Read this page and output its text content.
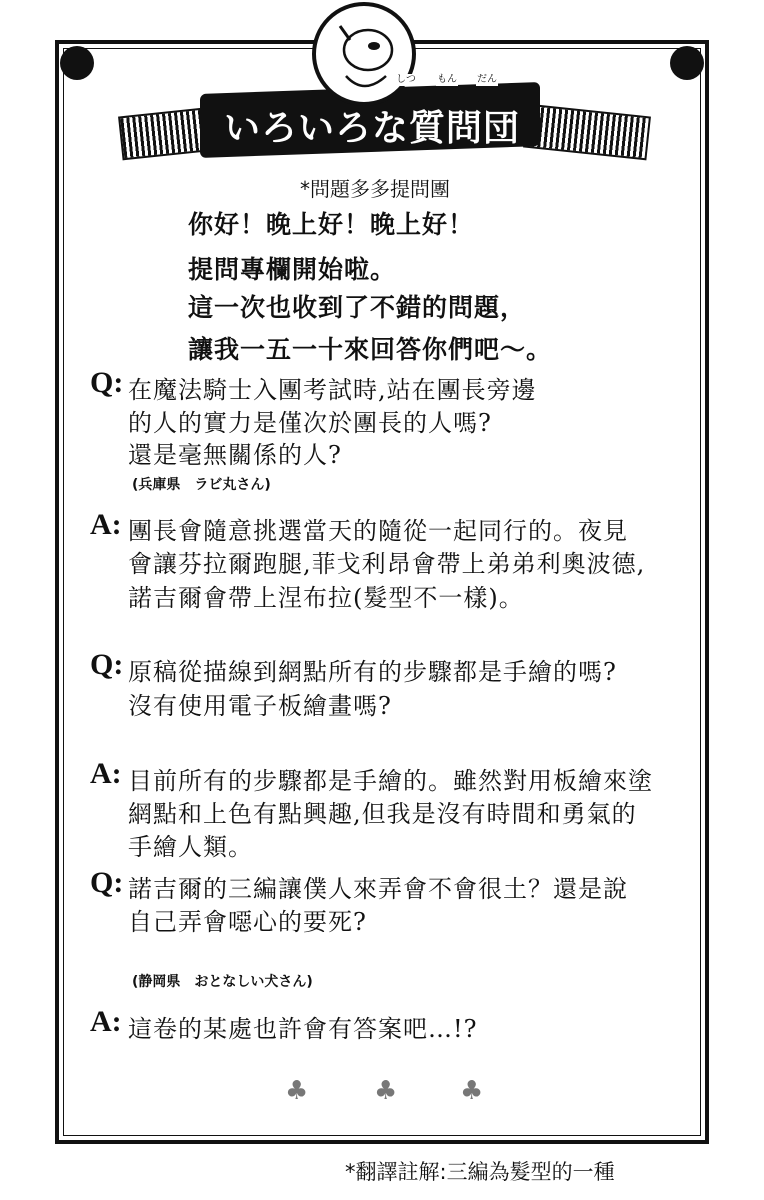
いろいろな質問団
しつ もん だん
*問題多多提問團
你好！晚上好！晚上好！
提問專欄開始啦。
這一次也收到了不錯的問題，
讓我一五一十來回答你們吧～。
Q: 在魔法騎士入團考試時,站在團長旁邊
的人的實力是僅次於團長的人嗎?
還是毫無關係的人?
(兵庫県　ラビ丸さん)
A: 團長會隨意挑選當天的隨從一起同行的。夜見
會讓芬拉爾跑腿,菲戈利昂會帶上弟弟利奧波德,
諾吉爾會帶上涅布拉(髮型不一樣)。
Q: 原稿從描線到網點所有的步驟都是手繪的嗎?
沒有使用電子板繪畫嗎?
A: 目前所有的步驟都是手繪的。雖然對用板繪來塗
網點和上色有點興趣,但我是沒有時間和勇氣的
手繪人類。
Q: 諾吉爾的三編讓僕人來弄會不會很土？還是說
自己弄會噁心的要死?
(静岡県　おとなしい犬さん)
A: 這卷的某處也許會有答案吧…!?
♣	♣ ♣
*翻譯註解:三編為髮型的一種
